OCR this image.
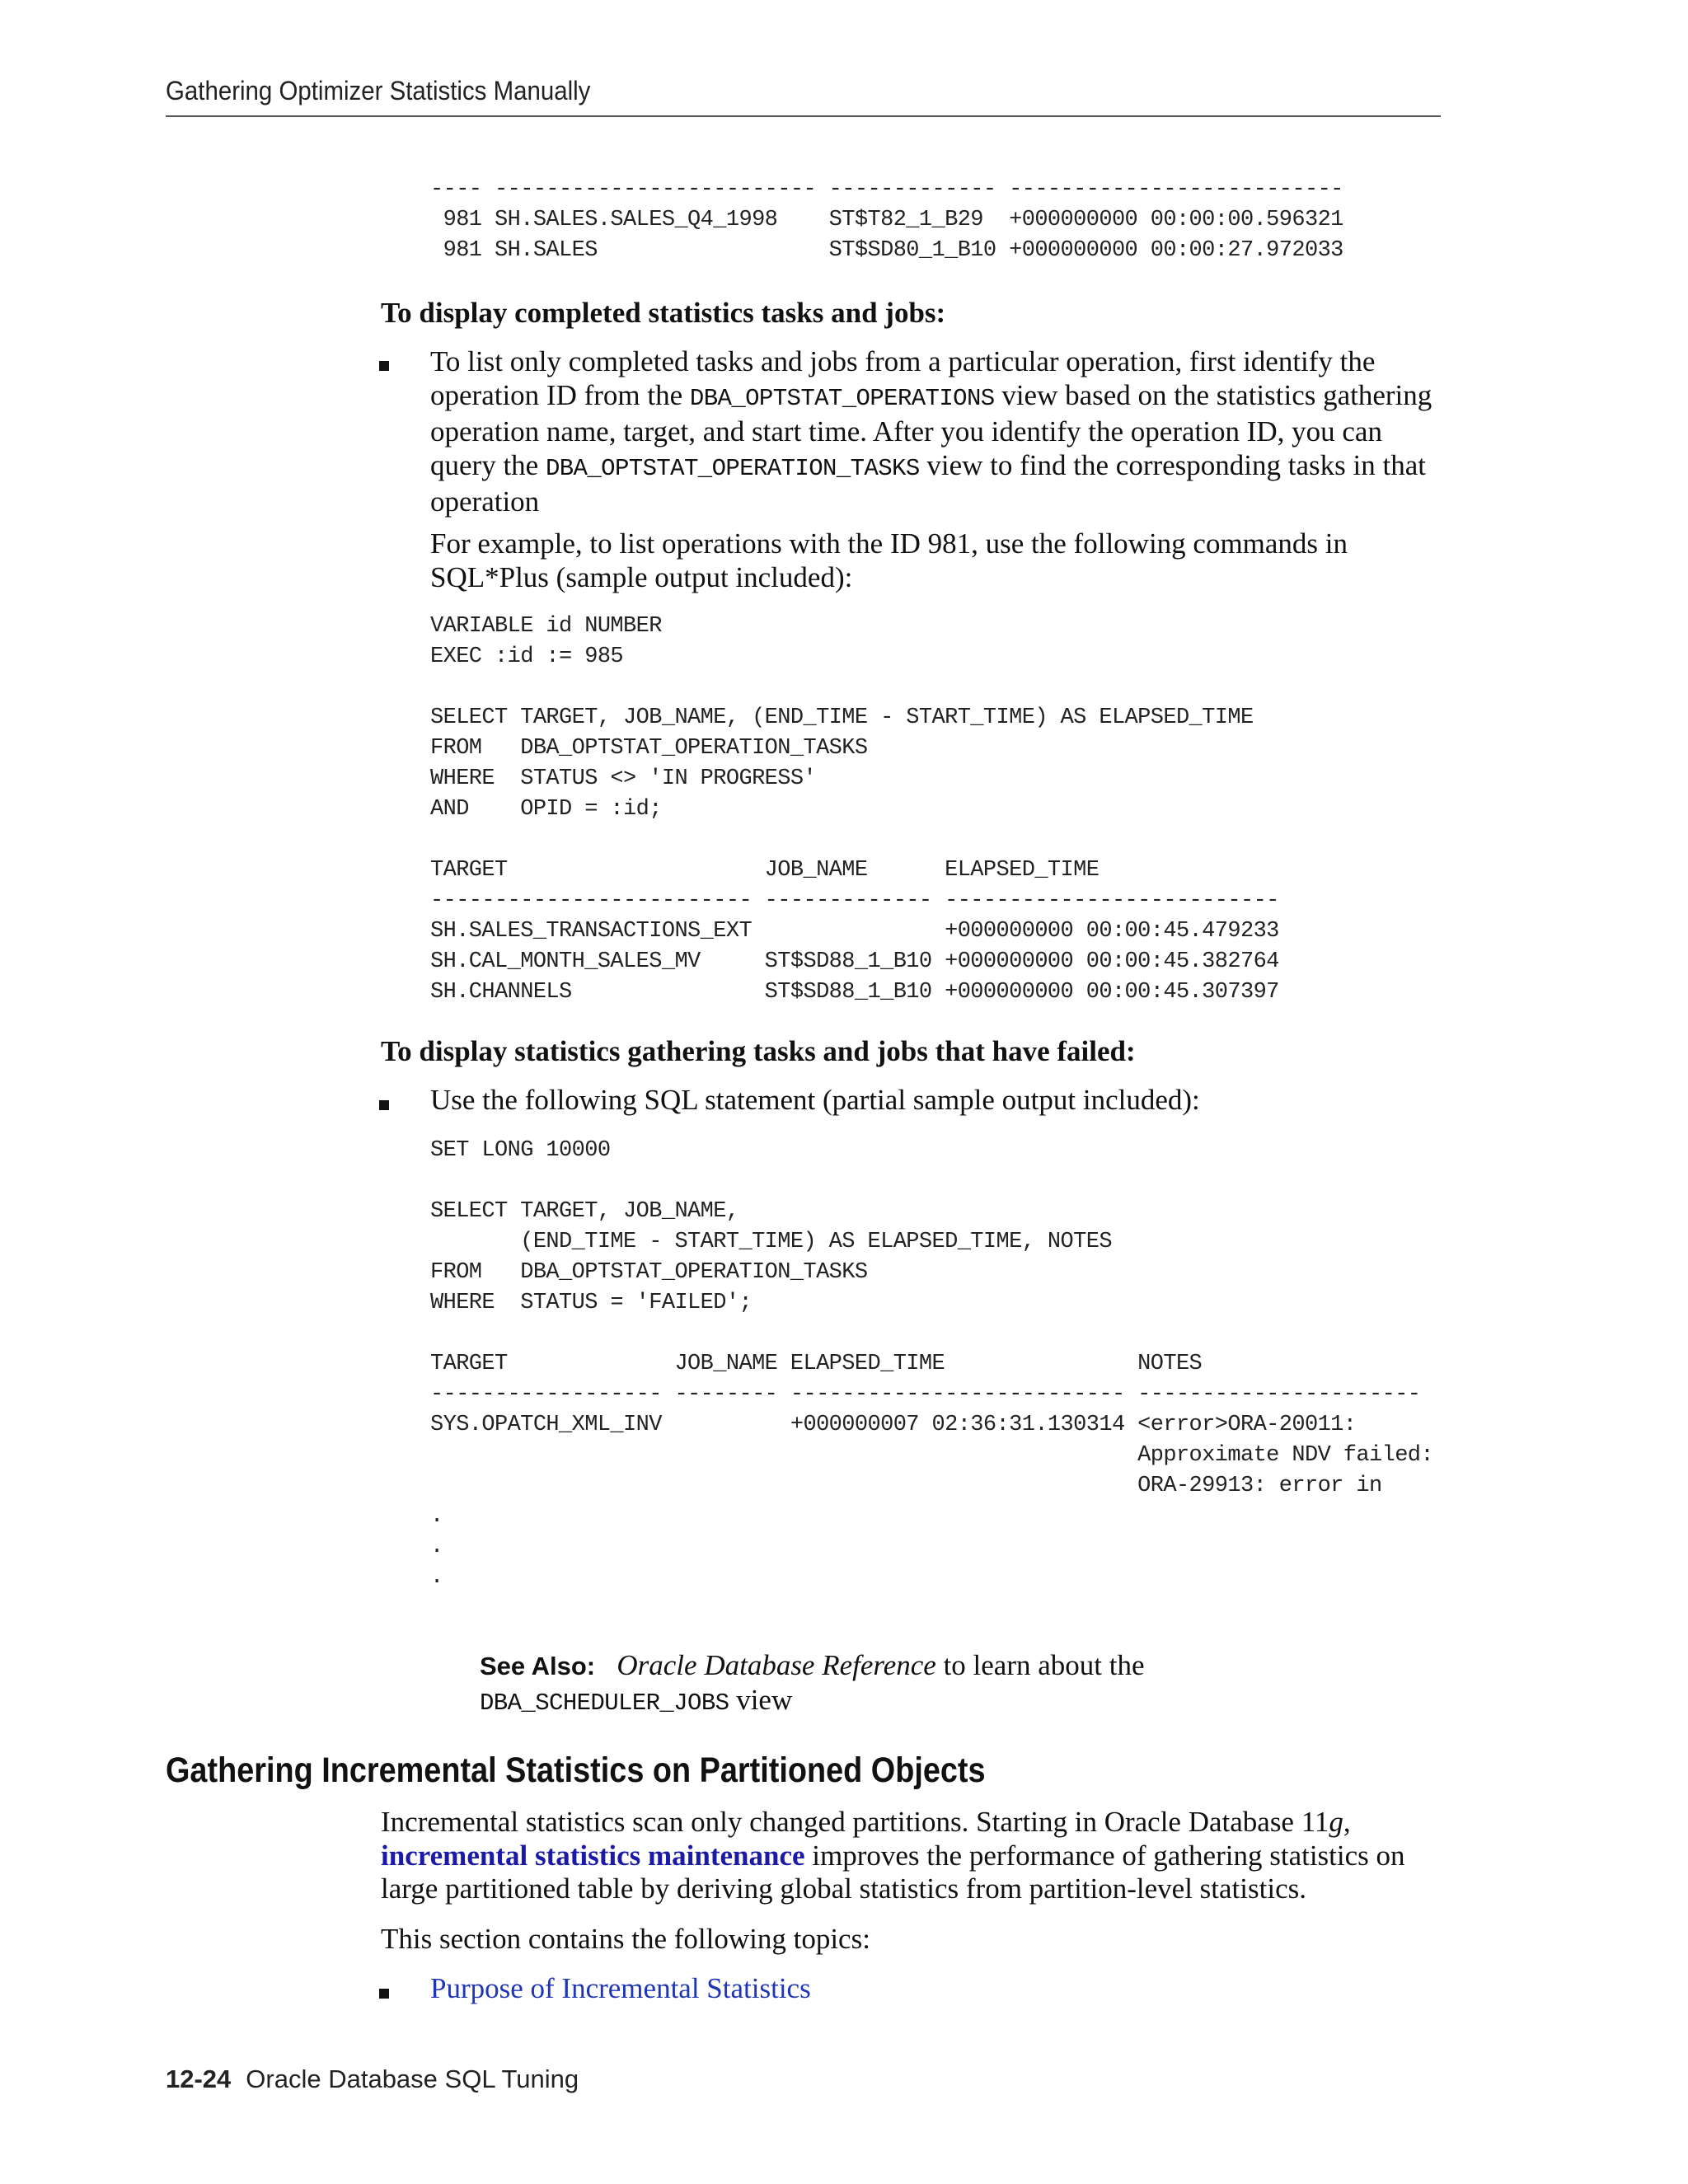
Gathering Optimizer Statistics Manually
---- ------------------------- ------------- --------------------------
981 SH.SALES.SALES_Q4_1998    ST$T82_1_B29  +000000000 00:00:00.596321
981 SH.SALES                  ST$SD80_1_B10 +000000000 00:00:27.972033
To display completed statistics tasks and jobs:
To list only completed tasks and jobs from a particular operation, first identify the operation ID from the DBA_OPTSTAT_OPERATIONS view based on the statistics gathering operation name, target, and start time. After you identify the operation ID, you can query the DBA_OPTSTAT_OPERATION_TASKS view to find the corresponding tasks in that operation
For example, to list operations with the ID 981, use the following commands in SQL*Plus (sample output included):
VARIABLE id NUMBER
EXEC :id := 985

SELECT TARGET, JOB_NAME, (END_TIME - START_TIME) AS ELAPSED_TIME
FROM   DBA_OPTSTAT_OPERATION_TASKS
WHERE  STATUS <> 'IN PROGRESS'
AND    OPID = :id;

TARGET                    JOB_NAME      ELAPSED_TIME
------------------------- ------------- --------------------------
SH.SALES_TRANSACTIONS_EXT               +000000000 00:00:45.479233
SH.CAL_MONTH_SALES_MV     ST$SD88_1_B10 +000000000 00:00:45.382764
SH.CHANNELS               ST$SD88_1_B10 +000000000 00:00:45.307397
To display statistics gathering tasks and jobs that have failed:
Use the following SQL statement (partial sample output included):
SET LONG 10000

SELECT TARGET, JOB_NAME,
(END_TIME - START_TIME) AS ELAPSED_TIME, NOTES
FROM   DBA_OPTSTAT_OPERATION_TASKS
WHERE  STATUS = 'FAILED';

TARGET             JOB_NAME ELAPSED_TIME               NOTES
------------------ -------- -------------------------- ----------------------
SYS.OPATCH_XML_INV          +000000007 02:36:31.130314 <error>ORA-20011:
Approximate NDV failed:
ORA-29913: error in
.
.
.
See Also: Oracle Database Reference to learn about the
DBA_SCHEDULER_JOBS view
Gathering Incremental Statistics on Partitioned Objects
Incremental statistics scan only changed partitions. Starting in Oracle Database 11g,
incremental statistics maintenance improves the performance of gathering statistics on large partitioned table by deriving global statistics from partition-level statistics.
This section contains the following topics:
Purpose of Incremental Statistics
12-24 Oracle Database SQL Tuning
